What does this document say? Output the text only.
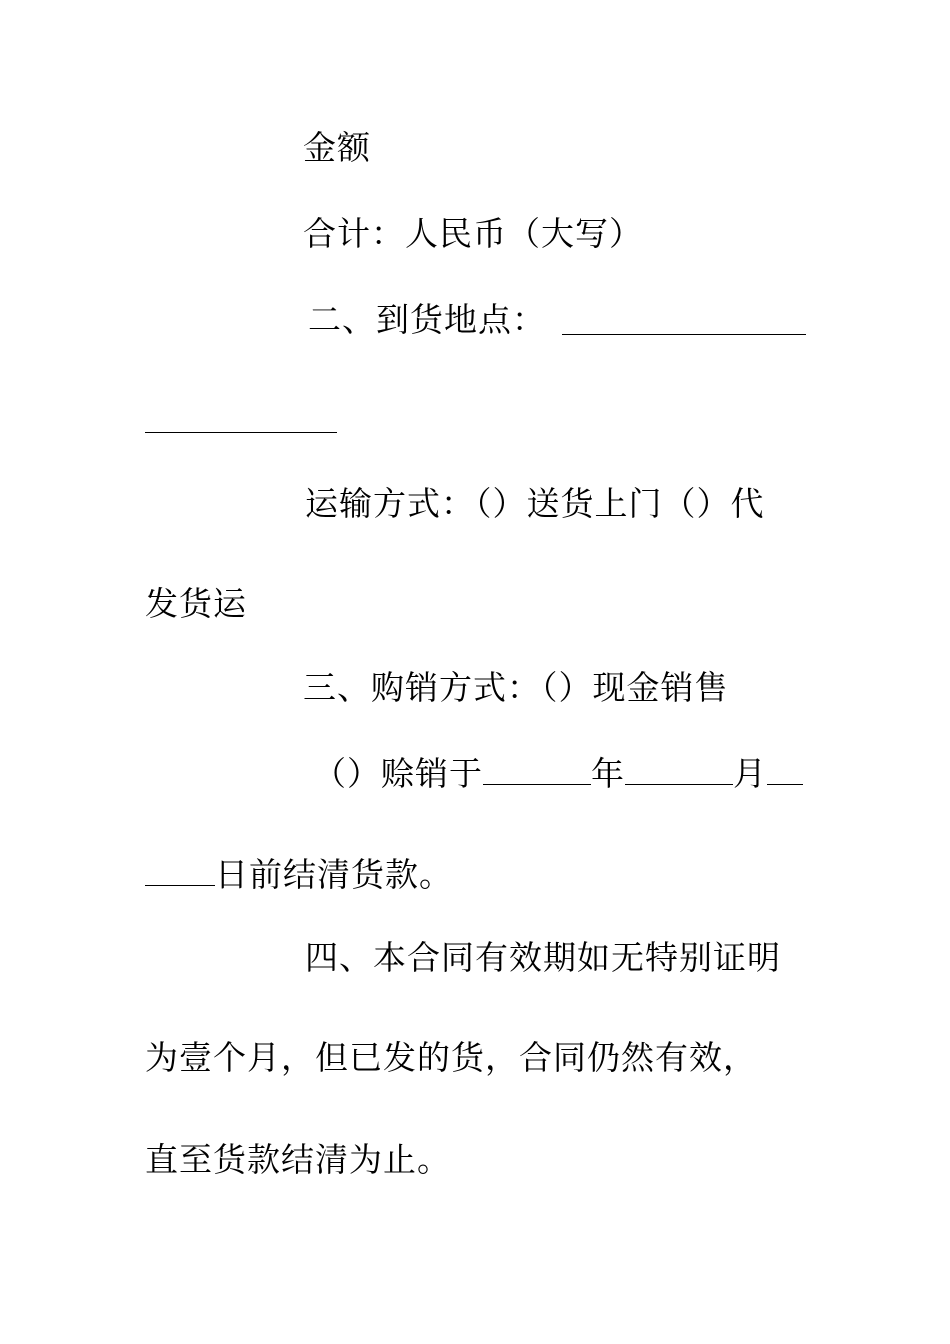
金额
合计：人民币（大写）
二、到货地点：
运输方式：（）送货上门（）代
发货运
三、购销方式：（）现金销售
（）赊销于	年	月
日前结清货款。
四、本合同有效期如无特别证明
为壹个月，但已发的货，合同仍然有效，
直至货款结清为止。
